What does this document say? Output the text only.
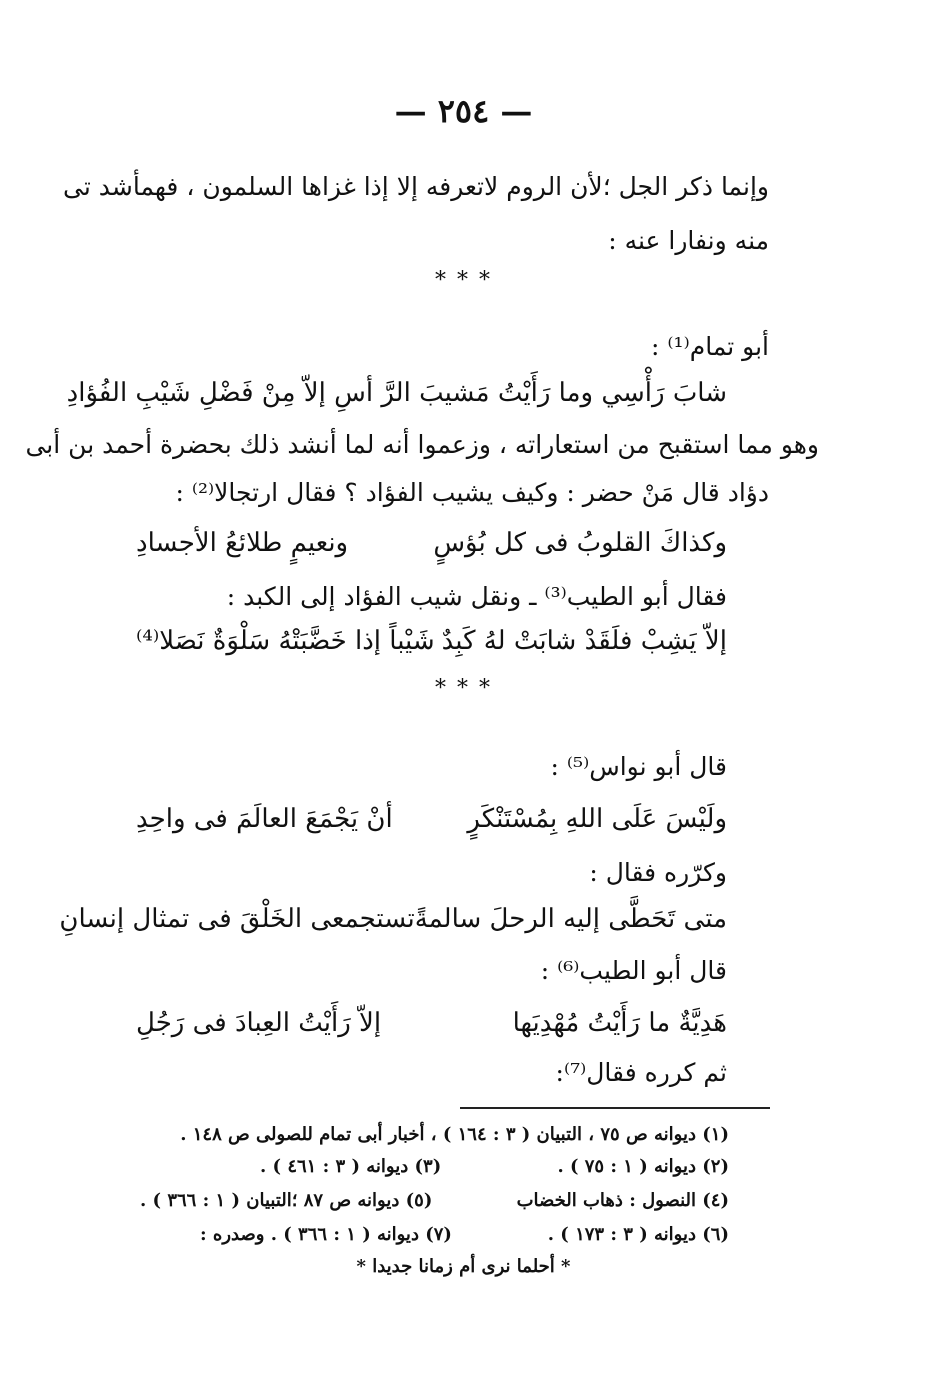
— ٢٥٤ —
وإنما ذكر الجل ؛لأن الروم لاتعرفه إلا إذا غزاها السلمون ، فهمأشد تى
منه ونفارا عنه :
* * *
أبو تمام⁽¹⁾ :
شابَ رَأْسِي وما رَأَيْتُ مَشيبَ الرَّ أسِ إلاّ مِنْ فَضْلِ شَيْبِ الفُؤادِ
وهو مما استقبح من استعاراته ، وزعموا أنه لما أنشد ذلك بحضرة أحمد بن أبى
دؤاد قال مَنْ حضر : وكيف يشيب الفؤاد ؟ فقال ارتجالا⁽²⁾ :
وكذاكَ القلوبُ فى كل بُؤسٍ
ونعيمٍ طلائعُ الأجسادِ
فقال أبو الطيب⁽³⁾ ـ ونقل شيب الفؤاد إلى الكبد :
إلاّ يَشِبْ فلَقَدْ شابَتْ لهُ كَبِدٌ
شَيْباً إذا خَضَّبَتْهُ سَلْوَةٌ نَصَلا⁽⁴⁾
* * *
قال أبو نواس⁽⁵⁾ :
ولَيْسَ عَلَى اللهِ بِمُسْتَنْكَرٍ
أنْ يَجْمَعَ العالَمَ فى واحِدِ
وكرّره فقال :
متى تَحَطَّى إليه الرحلَ سالمةً
تستجمعى الخَلْقَ فى تمثال إنسانِ
قال أبو الطيب⁽⁶⁾ :
هَدِيَّةٌ ما رَأَيْتُ مُهْدِيَها
إلاّ رَأَيْتُ العِبادَ فى رَجُلِ
ثم كرره فقال⁽⁷⁾:
(١) ديوانه ص ٧٥ ، التبيان ( ٣ : ١٦٤ ) ، أخبار أبى تمام للصولى ص ١٤٨ .
(٢) ديوانه ( ١ : ٧٥ ) .
(٣) ديوانه ( ٣ : ٤٦١ ) .
(٤) النصول : ذهاب الخضاب
(٥) ديوانه ص ٨٧ ؛التبيان ( ١ : ٣٦٦ ) .
(٦) ديوانه ( ٣ : ١٧٣ ) .
(٧) ديوانه ( ١ : ٣٦٦ ) . وصدره :
* أحلما نرى أم زمانا جديدا *
